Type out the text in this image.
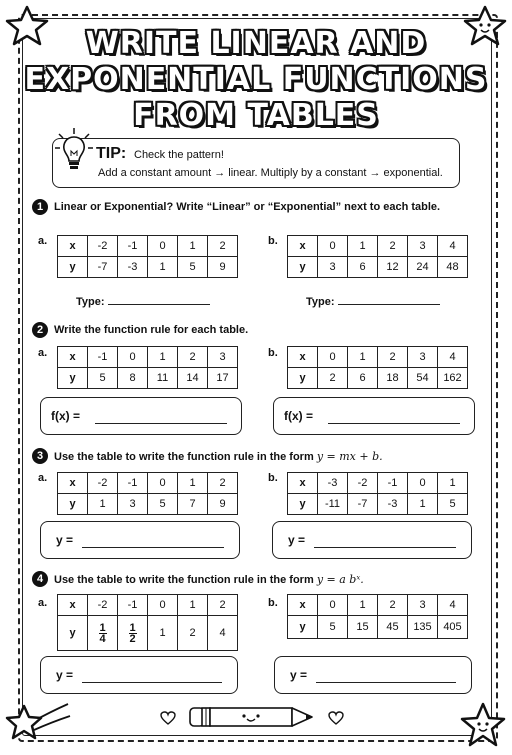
WRITE LINEAR AND
EXPONENTIAL FUNCTIONS
FROM TABLES
TIP: Check the pattern!
Add a constant amount → linear. Multiply by a constant → exponential.
1 Linear or Exponential? Write “Linear” or “Exponential” next to each table.
a. x	-2	-1	0	1	2
y	-7	-3	1	5	9
b. x	0	1	2	3	4
y	3	6	12	24	48
Type:	Type:
2 Write the function rule for each table.
a. x	-1	0	1	2	3
y	5	8	11	14	17
b. x	0	1	2	3	4
y	2	6	18	54	162
f(x) =	f(x) =
3 Use the table to write the function rule in the form y = mx + b.
a. x	-2	-1	0	1	2
y	1	3	5	7	9
b. x	-3	-2	-1	0	1
y	-11	-7	-3	1	5
y =	y =
4 Use the table to write the function rule in the form y = a bˣ.
a. x	-2	-1	0	1	2
y	$\frac{1}{4}$	$\frac{1}{2}$	1	2	4
b. x	0	1	2	3	4
y	5	15	45	135	405
y =	y =
